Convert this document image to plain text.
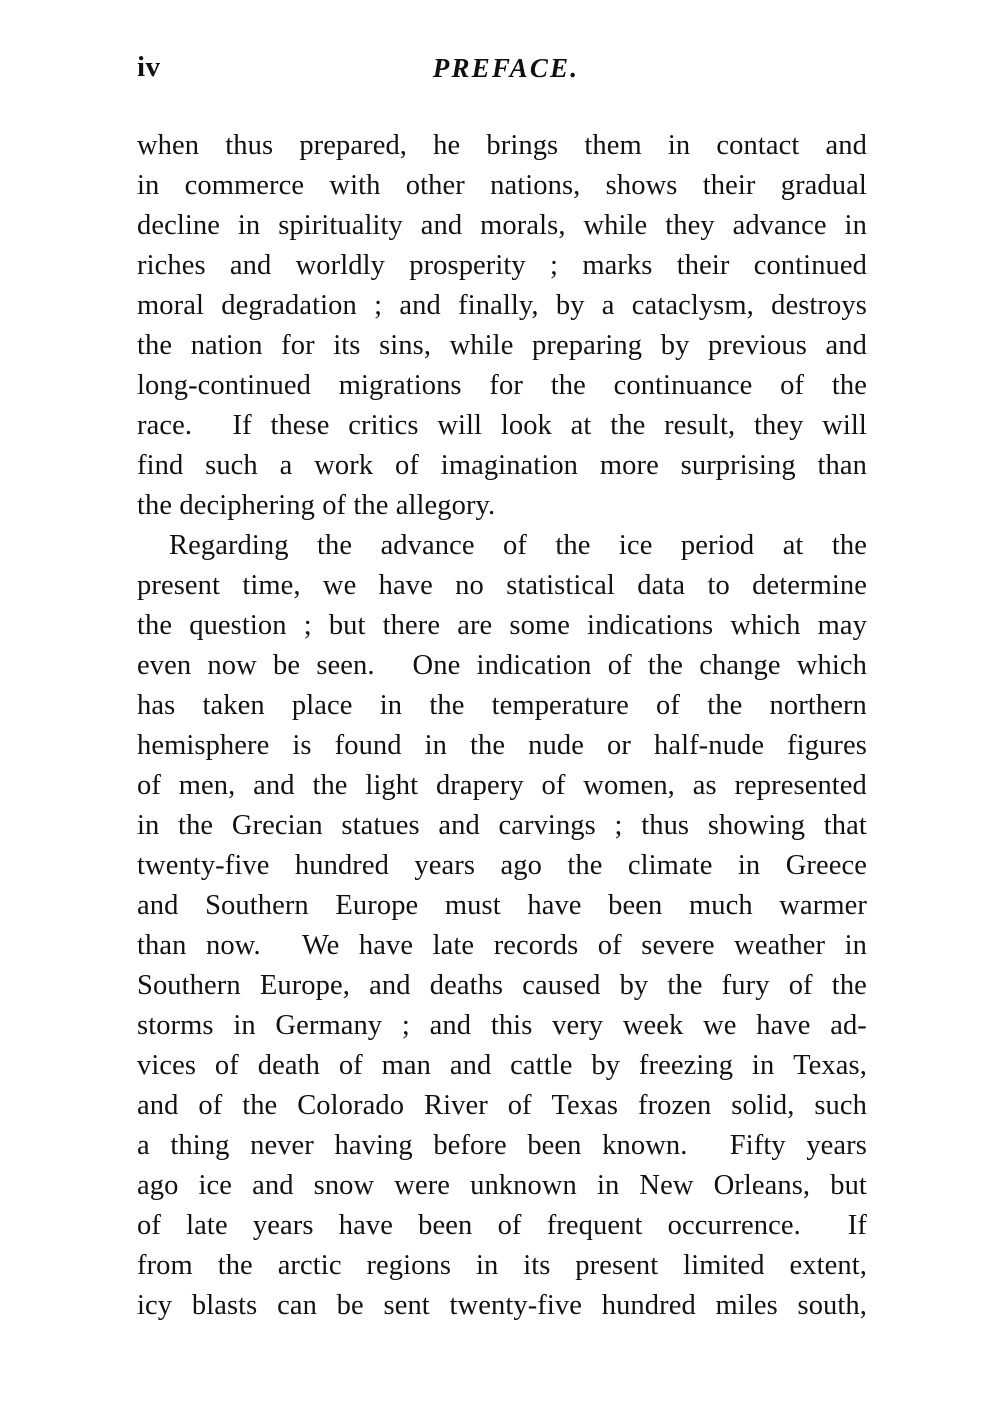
iv	PREFACE.
when thus prepared, he brings them in contact and
in commerce with other nations, shows their gradual
decline in spirituality and morals, while they advance in
riches and worldly prosperity ; marks their continued
moral degradation ; and finally, by a cataclysm, destroys
the nation for its sins, while preparing by previous and
long-continued migrations for the continuance of the
race. If these critics will look at the result, they will
find such a work of imagination more surprising than
the deciphering of the allegory.
Regarding the advance of the ice period at the
present time, we have no statistical data to determine
the question ; but there are some indications which may
even now be seen. One indication of the change which
has taken place in the temperature of the northern
hemisphere is found in the nude or half-nude figures
of men, and the light drapery of women, as represented
in the Grecian statues and carvings ; thus showing that
twenty-five hundred years ago the climate in Greece
and Southern Europe must have been much warmer
than now. We have late records of severe weather in
Southern Europe, and deaths caused by the fury of the
storms in Germany ; and this very week we have ad-
vices of death of man and cattle by freezing in Texas,
and of the Colorado River of Texas frozen solid, such
a thing never having before been known. Fifty years
ago ice and snow were unknown in New Orleans, but
of late years have been of frequent occurrence. If
from the arctic regions in its present limited extent,
icy blasts can be sent twenty-five hundred miles south,
